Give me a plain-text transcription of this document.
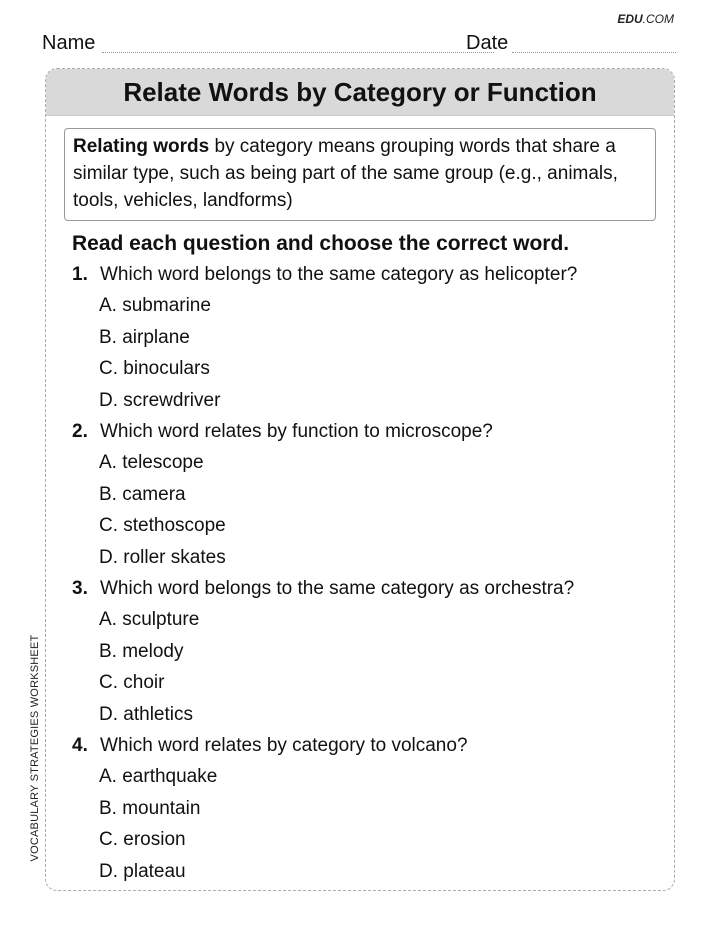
EDU.COM
Name	Date
VOCABULARY STRATEGIES WORKSHEET
Relate Words by Category or Function
Relating words by category means grouping words that share a similar type, such as being part of the same group (e.g., animals, tools, vehicles, landforms)
Read each question and choose the correct word.
1. Which word belongs to the same category as helicopter?
A. submarine
B. airplane
C. binoculars
D. screwdriver
2. Which word relates by function to microscope?
A. telescope
B. camera
C. stethoscope
D. roller skates
3. Which word belongs to the same category as orchestra?
A. sculpture
B. melody
C. choir
D. athletics
4. Which word relates by category to volcano?
A. earthquake
B. mountain
C. erosion
D. plateau
